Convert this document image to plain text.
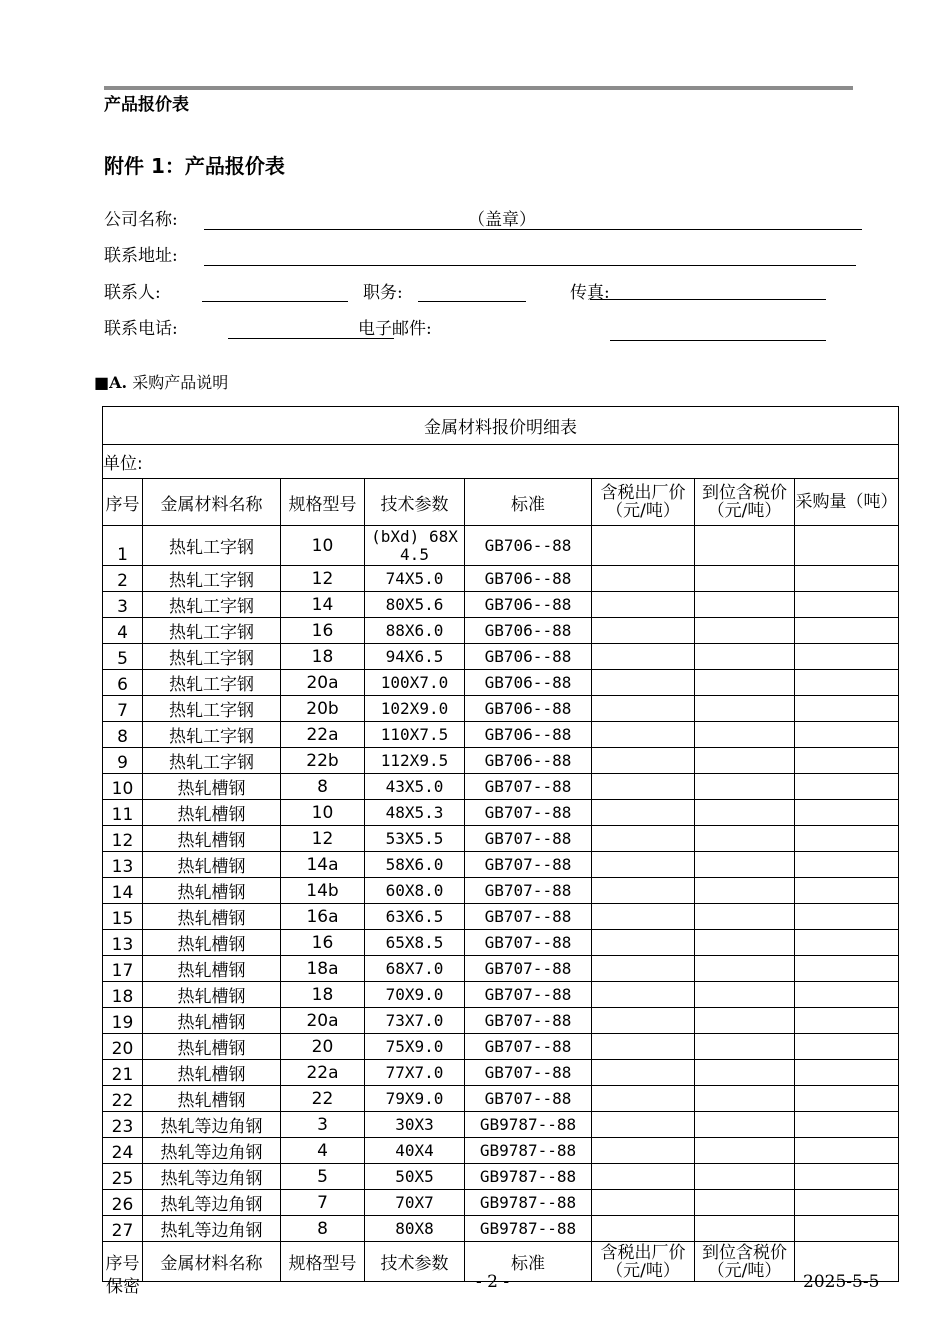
产品报价表
附件 1：产品报价表
公司名称:	（盖章）
联系地址:
联系人:	职务:	传真:
联系电话:	电子邮件:
■A. 采购产品说明
金属材料报价明细表							
单位:							
序号	金属材料名称	规格型号	技术参数	标准	含税出厂价（元/吨）	到位含税价（元/吨）	采购量（吨）
1	热轧工字钢	10	(bXd) 68X 4.5	GB706--88			
2	热轧工字钢	12	74X5.0	GB706--88			
3	热轧工字钢	14	80X5.6	GB706--88			
4	热轧工字钢	16	88X6.0	GB706--88			
5	热轧工字钢	18	94X6.5	GB706--88			
6	热轧工字钢	20a	100X7.0	GB706--88			
7	热轧工字钢	20b	102X9.0	GB706--88			
8	热轧工字钢	22a	110X7.5	GB706--88			
9	热轧工字钢	22b	112X9.5	GB706--88			
10	热轧槽钢	8	43X5.0	GB707--88			
11	热轧槽钢	10	48X5.3	GB707--88			
12	热轧槽钢	12	53X5.5	GB707--88			
13	热轧槽钢	14a	58X6.0	GB707--88			
14	热轧槽钢	14b	60X8.0	GB707--88			
15	热轧槽钢	16a	63X6.5	GB707--88			
13	热轧槽钢	16	65X8.5	GB707--88			
17	热轧槽钢	18a	68X7.0	GB707--88			
18	热轧槽钢	18	70X9.0	GB707--88			
19	热轧槽钢	20a	73X7.0	GB707--88			
20	热轧槽钢	20	75X9.0	GB707--88			
21	热轧槽钢	22a	77X7.0	GB707--88			
22	热轧槽钢	22	79X9.0	GB707--88			
23	热轧等边角钢	3	30X3	GB9787--88			
24	热轧等边角钢	4	40X4	GB9787--88			
25	热轧等边角钢	5	50X5	GB9787--88			
26	热轧等边角钢	7	70X7	GB9787--88			
27	热轧等边角钢	8	80X8	GB9787--88			
序号	金属材料名称	规格型号	技术参数	标准	含税出厂价（元/吨）	到位含税价（元/吨）	
保密	- 2 -	2025-5-5
